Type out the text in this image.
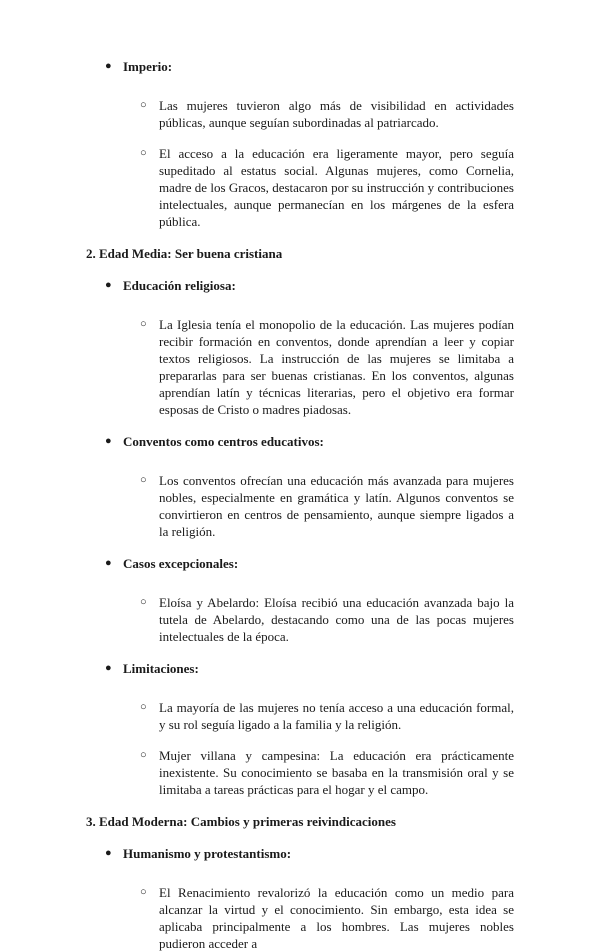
● Imperio:
○ Las mujeres tuvieron algo más de visibilidad en actividades públicas, aunque seguían subordinadas al patriarcado.
○ El acceso a la educación era ligeramente mayor, pero seguía supeditado al estatus social. Algunas mujeres, como Cornelia, madre de los Gracos, destacaron por su instrucción y contribuciones intelectuales, aunque permanecían en los márgenes de la esfera pública.
2. Edad Media: Ser buena cristiana
● Educación religiosa:
○ La Iglesia tenía el monopolio de la educación. Las mujeres podían recibir formación en conventos, donde aprendían a leer y copiar textos religiosos. La instrucción de las mujeres se limitaba a prepararlas para ser buenas cristianas. En los conventos, algunas aprendían latín y técnicas literarias, pero el objetivo era formar esposas de Cristo o madres piadosas.
● Conventos como centros educativos:
○ Los conventos ofrecían una educación más avanzada para mujeres nobles, especialmente en gramática y latín. Algunos conventos se convirtieron en centros de pensamiento, aunque siempre ligados a la religión.
● Casos excepcionales:
○ Eloísa y Abelardo: Eloísa recibió una educación avanzada bajo la tutela de Abelardo, destacando como una de las pocas mujeres intelectuales de la época.
● Limitaciones:
○ La mayoría de las mujeres no tenía acceso a una educación formal, y su rol seguía ligado a la familia y la religión.
○ Mujer villana y campesina: La educación era prácticamente inexistente. Su conocimiento se basaba en la transmisión oral y se limitaba a tareas prácticas para el hogar y el campo.
3. Edad Moderna: Cambios y primeras reivindicaciones
● Humanismo y protestantismo:
○ El Renacimiento revalorizó la educación como un medio para alcanzar la virtud y el conocimiento. Sin embargo, esta idea se aplicaba principalmente a los hombres. Las mujeres nobles pudieron acceder a
